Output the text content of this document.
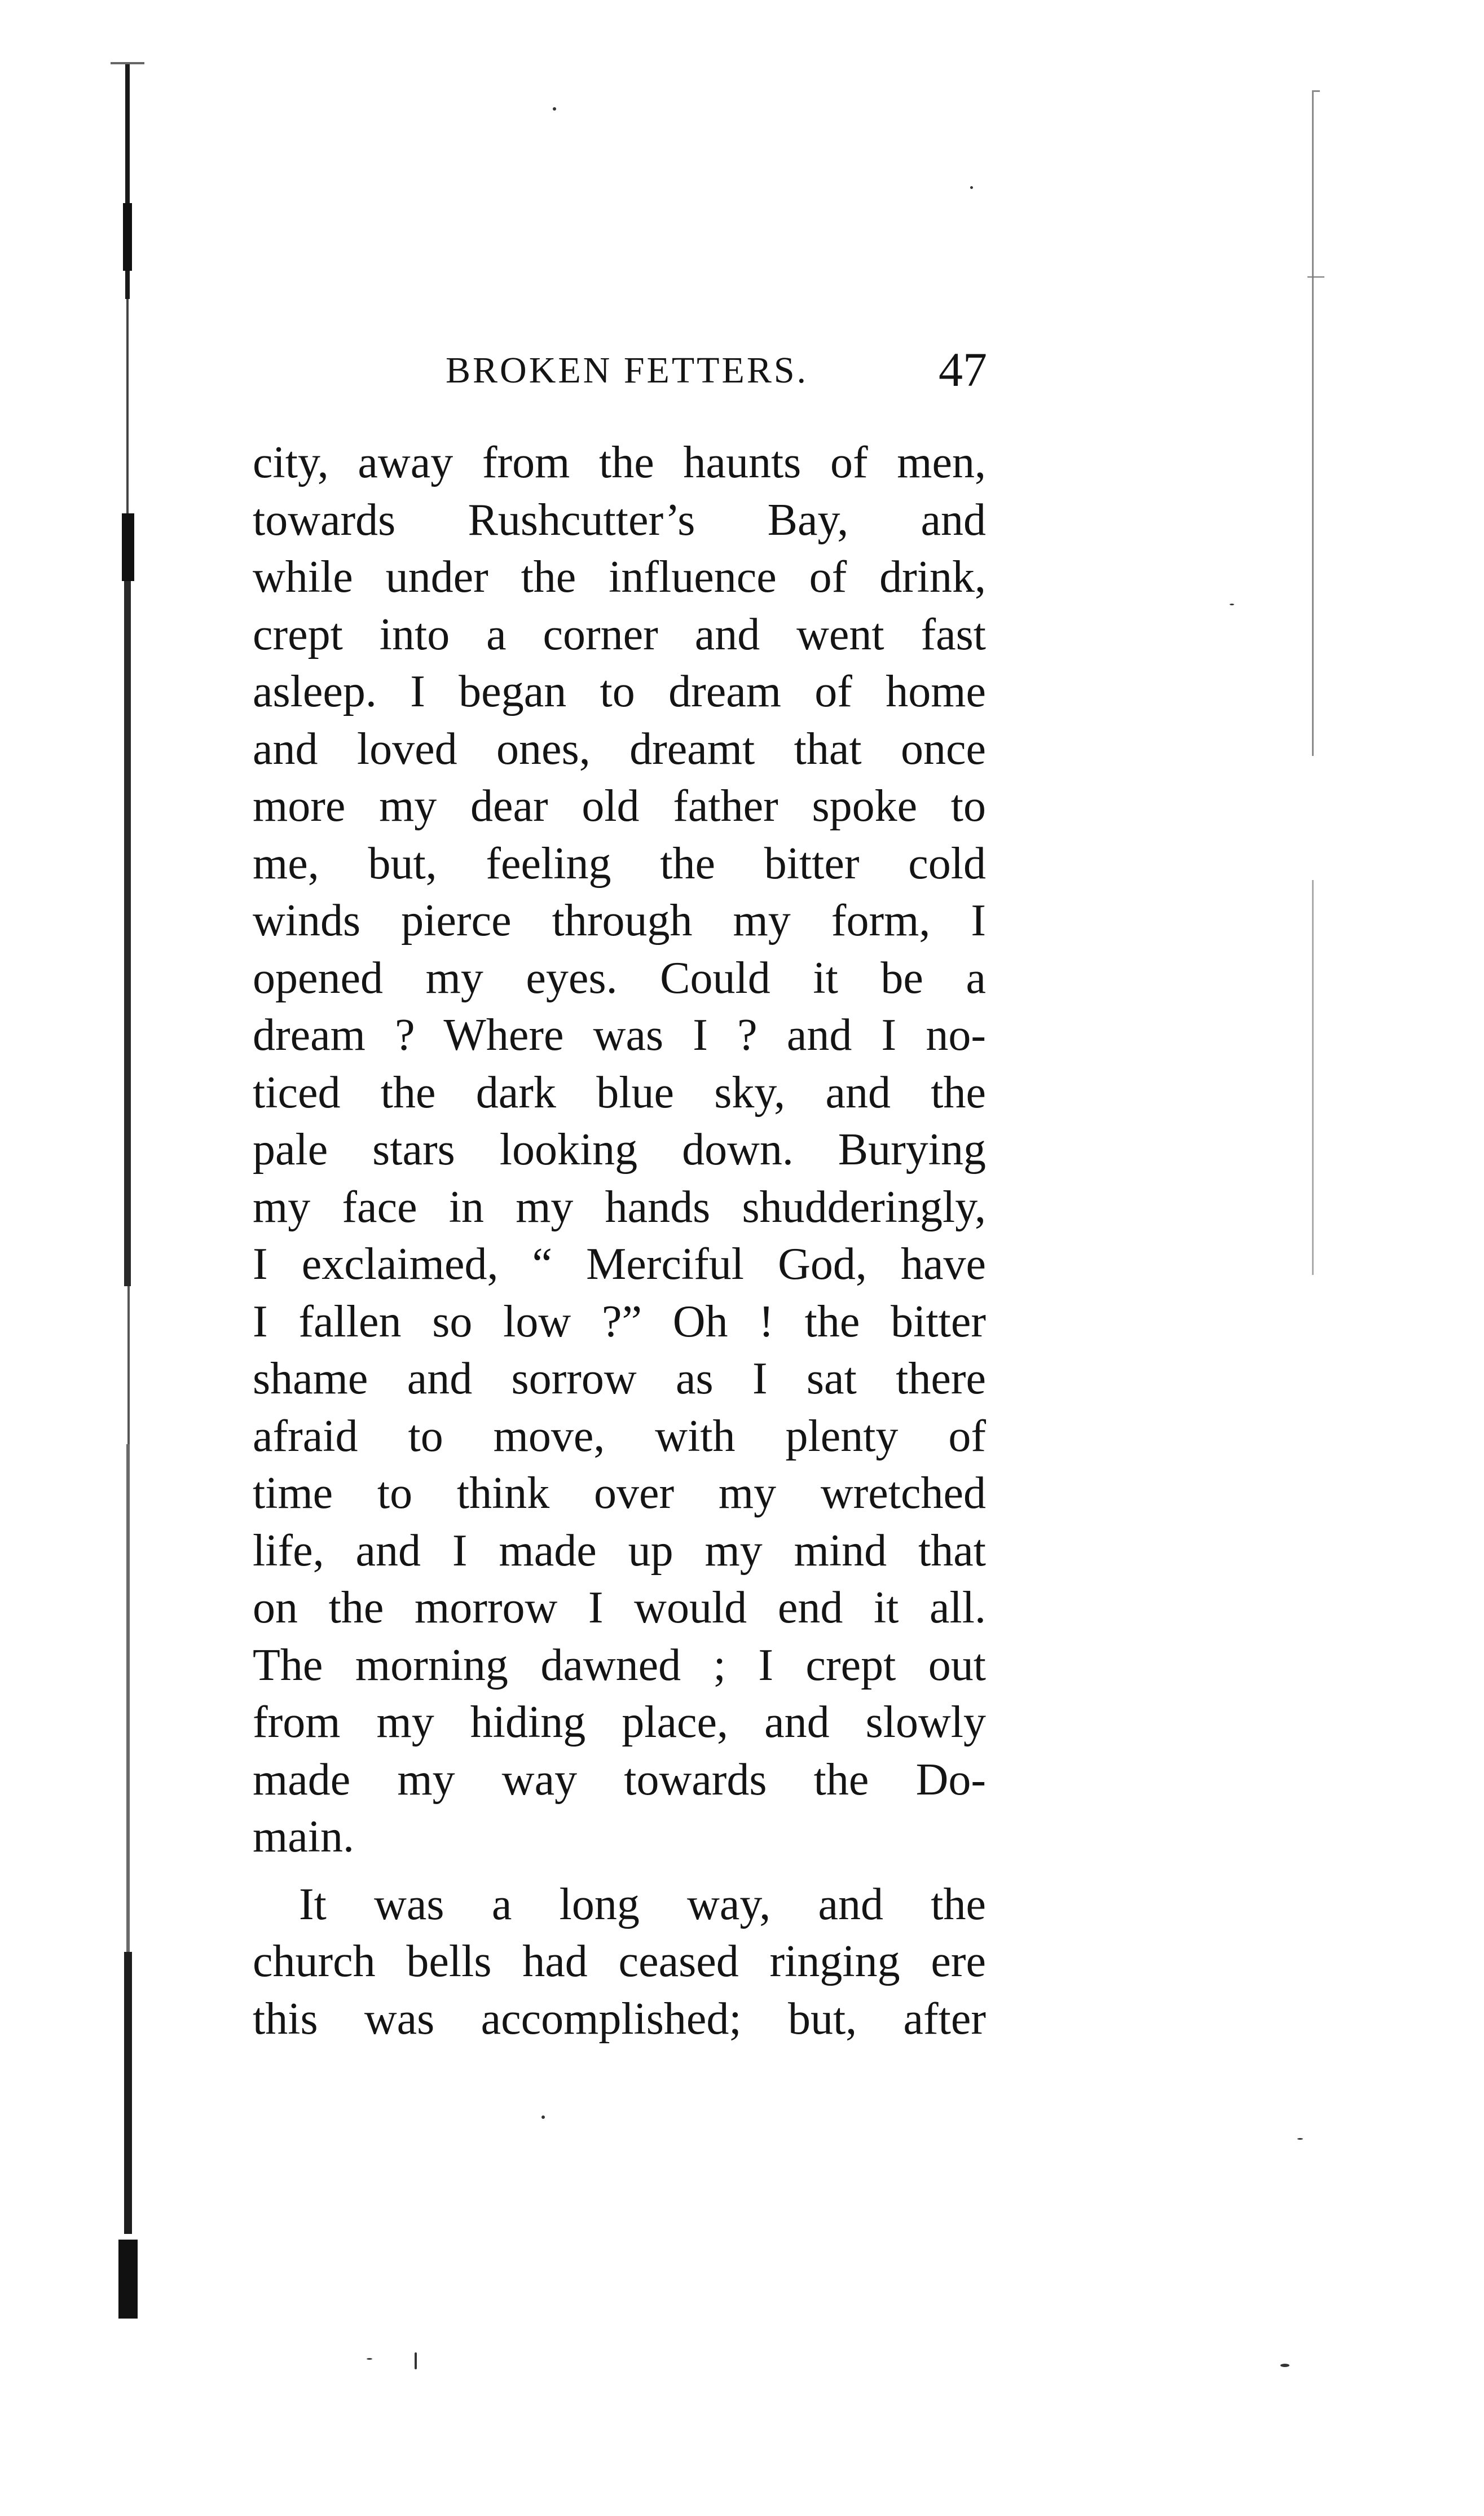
BROKEN FETTERS.	47
city, away from the haunts of men,
towards Rushcutter’s Bay, and
while under the influence of drink,
crept into a corner and went fast
asleep. I began to dream of home
and loved ones, dreamt that once
more my dear old father spoke to
me, but, feeling the bitter cold
winds pierce through my form, I
opened my eyes. Could it be a
dream ? Where was I ? and I no-
ticed the dark blue sky, and the
pale stars looking down. Burying
my face in my hands shudderingly,
I exclaimed, “ Merciful God, have
I fallen so low ?” Oh ! the bitter
shame and sorrow as I sat there
afraid to move, with plenty of
time to think over my wretched
life, and I made up my mind that
on the morrow I would end it all.
The morning dawned ; I crept out
from my hiding place, and slowly
made my way towards the Do-
main.
It was a long way, and the
church bells had ceased ringing ere
this was accomplished; but, after
